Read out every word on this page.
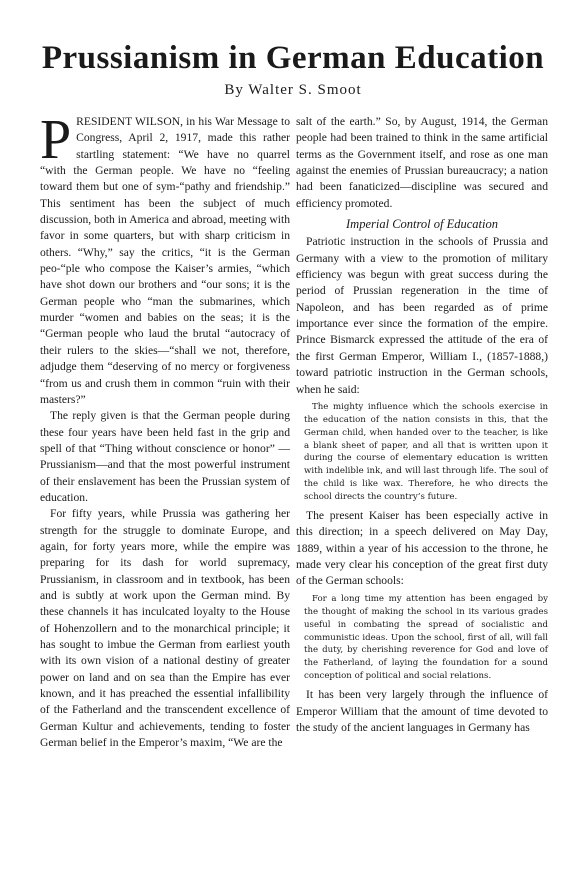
Prussianism in German Education
By Walter S. Smoot

PRESIDENT WILSON, in his War Message to Congress, April 2, 1917, made this rather startling statement: “We have no quarrel “with the German people. We have no “feeling toward them but one of sym-“pathy and friendship.” This sentiment has been the subject of much discussion, both in America and abroad, meeting with favor in some quarters, but with sharp criticism in others. “Why,” say the critics, “it is the German peo-“ple who compose the Kaiser’s armies, “which have shot down our brothers and “our sons; it is the German people who “man the submarines, which murder “women and babies on the seas; it is the “German people who laud the brutal “autocracy of their rulers to the skies—“shall we not, therefore, adjudge them “deserving of no mercy or forgiveness “from us and crush them in common “ruin with their masters?”

The reply given is that the German people during these four years have been held fast in the grip and spell of that “Thing without conscience or honor” —Prussianism—and that the most powerful instrument of their enslavement has been the Prussian system of education.

For fifty years, while Prussia was gathering her strength for the struggle to dominate Europe, and again, for forty years more, while the empire was preparing for its dash for world supremacy, Prussianism, in classroom and in textbook, has been and is subtly at work upon the German mind. By these channels it has inculcated loyalty to the House of Hohenzollern and to the monarchical principle; it has sought to imbue the German from earliest youth with its own vision of a national destiny of greater power on land and on sea than the Empire has ever known, and it has preached the essential infallibility of the Fatherland and the transcendent excellence of German Kultur and achievements, tending to foster German belief in the Emperor’s maxim, “We are the

salt of the earth.” So, by August, 1914, the German people had been trained to think in the same artificial terms as the Government itself, and rose as one man against the enemies of Prussian bureaucracy; a nation had been fanaticized—discipline was secured and efficiency promoted.

Imperial Control of Education

Patriotic instruction in the schools of Prussia and Germany with a view to the promotion of military efficiency was begun with great success during the period of Prussian regeneration in the time of Napoleon, and has been regarded as of prime importance ever since the formation of the empire. Prince Bismarck expressed the attitude of the era of the first German Emperor, William I., (1857-1888,) toward patriotic instruction in the German schools, when he said:

The mighty influence which the schools exercise in the education of the nation consists in this, that the German child, when handed over to the teacher, is like a blank sheet of paper, and all that is written upon it during the course of elementary education is written with indelible ink, and will last through life. The soul of the child is like wax. Therefore, he who directs the school directs the country’s future.

The present Kaiser has been especially active in this direction; in a speech delivered on May Day, 1889, within a year of his accession to the throne, he made very clear his conception of the great first duty of the German schools:

For a long time my attention has been engaged by the thought of making the school in its various grades useful in combating the spread of socialistic and communistic ideas. Upon the school, first of all, will fall the duty, by cherishing reverence for God and love of the Fatherland, of laying the foundation for a sound conception of political and social relations.

It has been very largely through the influence of Emperor William that the amount of time devoted to the study of the ancient languages in Germany has
